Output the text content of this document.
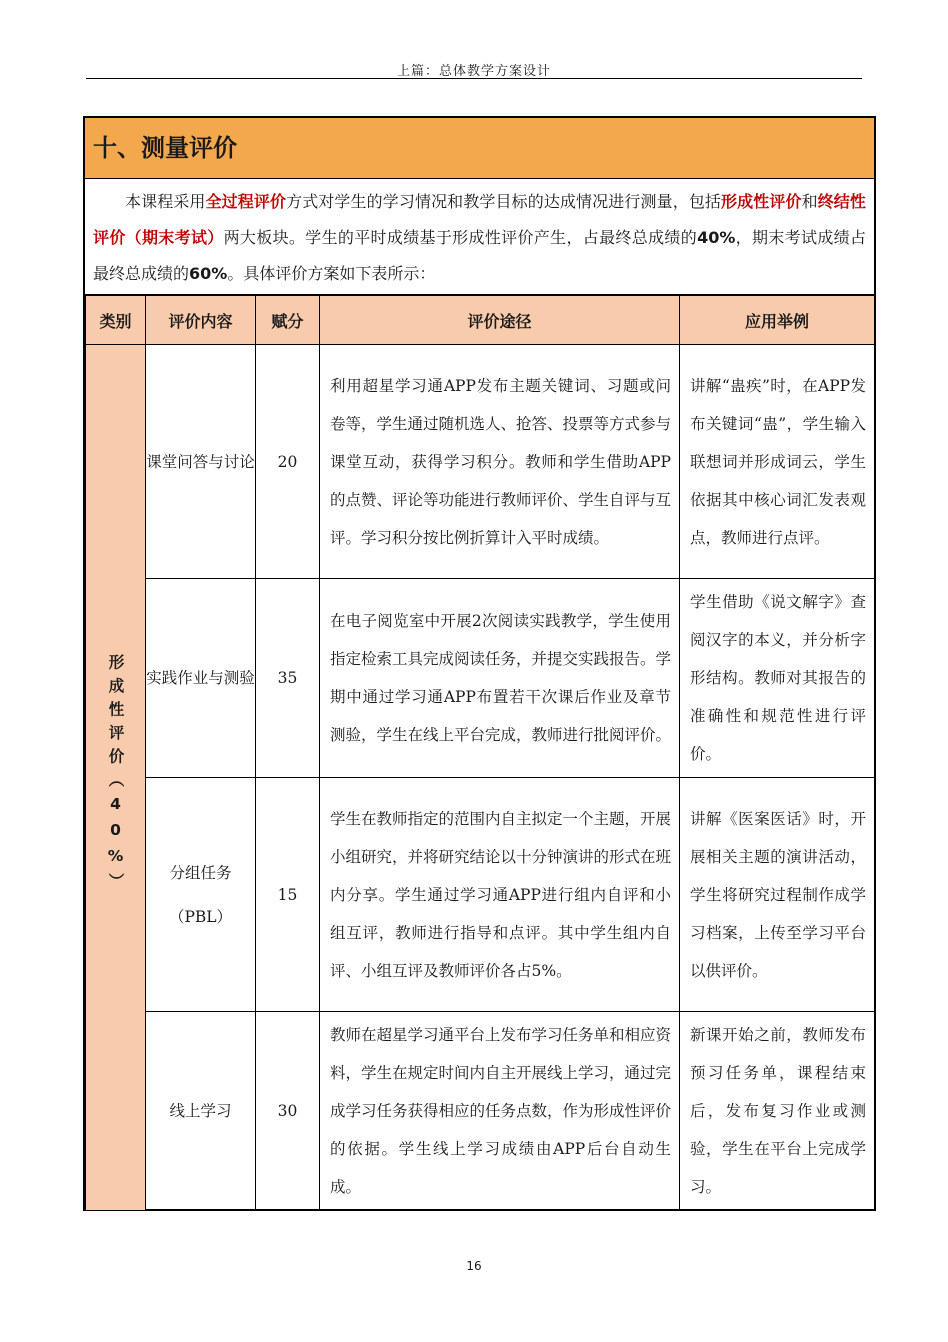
上篇：总体教学方案设计
十、测量评价
本课程采用全过程评价方式对学生的学习情况和教学目标的达成情况进行测量，包括形成性评价和终结性评价（期末考试）两大板块。学生的平时成绩基于形成性评价产生，占最终总成绩的40%，期末考试成绩占最终总成绩的60%。具体评价方案如下表所示：
类别	评价内容	赋分	评价途径	应用举例
形成性评价（40%）	课堂问答与讨论	20	利用超星学习通APP发布主题关键词、习题或问卷等，学生通过随机选人、抢答、投票等方式参与课堂互动，获得学习积分。教师和学生借助APP的点赞、评论等功能进行教师评价、学生自评与互评。学习积分按比例折算计入平时成绩。	讲解“蛊疾”时，在APP发布关键词“蛊”，学生输入联想词并形成词云，学生依据其中核心词汇发表观点，教师进行点评。

	实践作业与测验	35	在电子阅览室中开展2次阅读实践教学，学生使用指定检索工具完成阅读任务，并提交实践报告。学期中通过学习通APP布置若干次课后作业及章节测验，学生在线上平台完成，教师进行批阅评价。	学生借助《说文解字》查阅汉字的本义，并分析字形结构。教师对其报告的准确性和规范性进行评价。

	分组任务（PBL）	15	学生在教师指定的范围内自主拟定一个主题，开展小组研究，并将研究结论以十分钟演讲的形式在班内分享。学生通过学习通APP进行组内自评和小组互评，教师进行指导和点评。其中学生组内自评、小组互评及教师评价各占5%。	讲解《医案医话》时，开展相关主题的演讲活动，学生将研究过程制作成学习档案，上传至学习平台以供评价。

	线上学习	30	教师在超星学习通平台上发布学习任务单和相应资料，学生在规定时间内自主开展线上学习，通过完成学习任务获得相应的任务点数，作为形成性评价的依据。学生线上学习成绩由APP后台自动生成。	新课开始之前，教师发布预习任务单，课程结束后，发布复习作业或测验，学生在平台上完成学习。
16
